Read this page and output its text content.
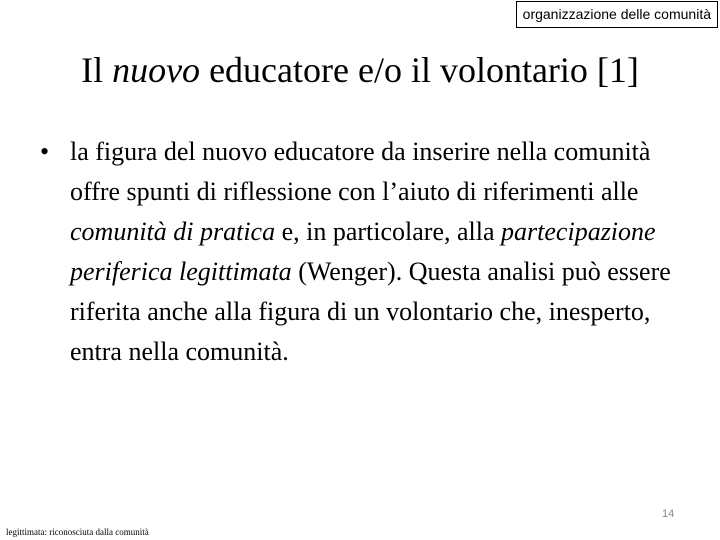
organizzazione delle comunità
Il nuovo educatore e/o il volontario [1]
• la figura del nuovo educatore da inserire nella comunità offre spunti di riflessione con l’aiuto di riferimenti alle comunità di pratica e, in particolare, alla partecipazione periferica legittimata (Wenger). Questa analisi può essere riferita anche alla figura di un volontario che, inesperto, entra nella comunità.
14
legittimata: riconosciuta dalla comunità
